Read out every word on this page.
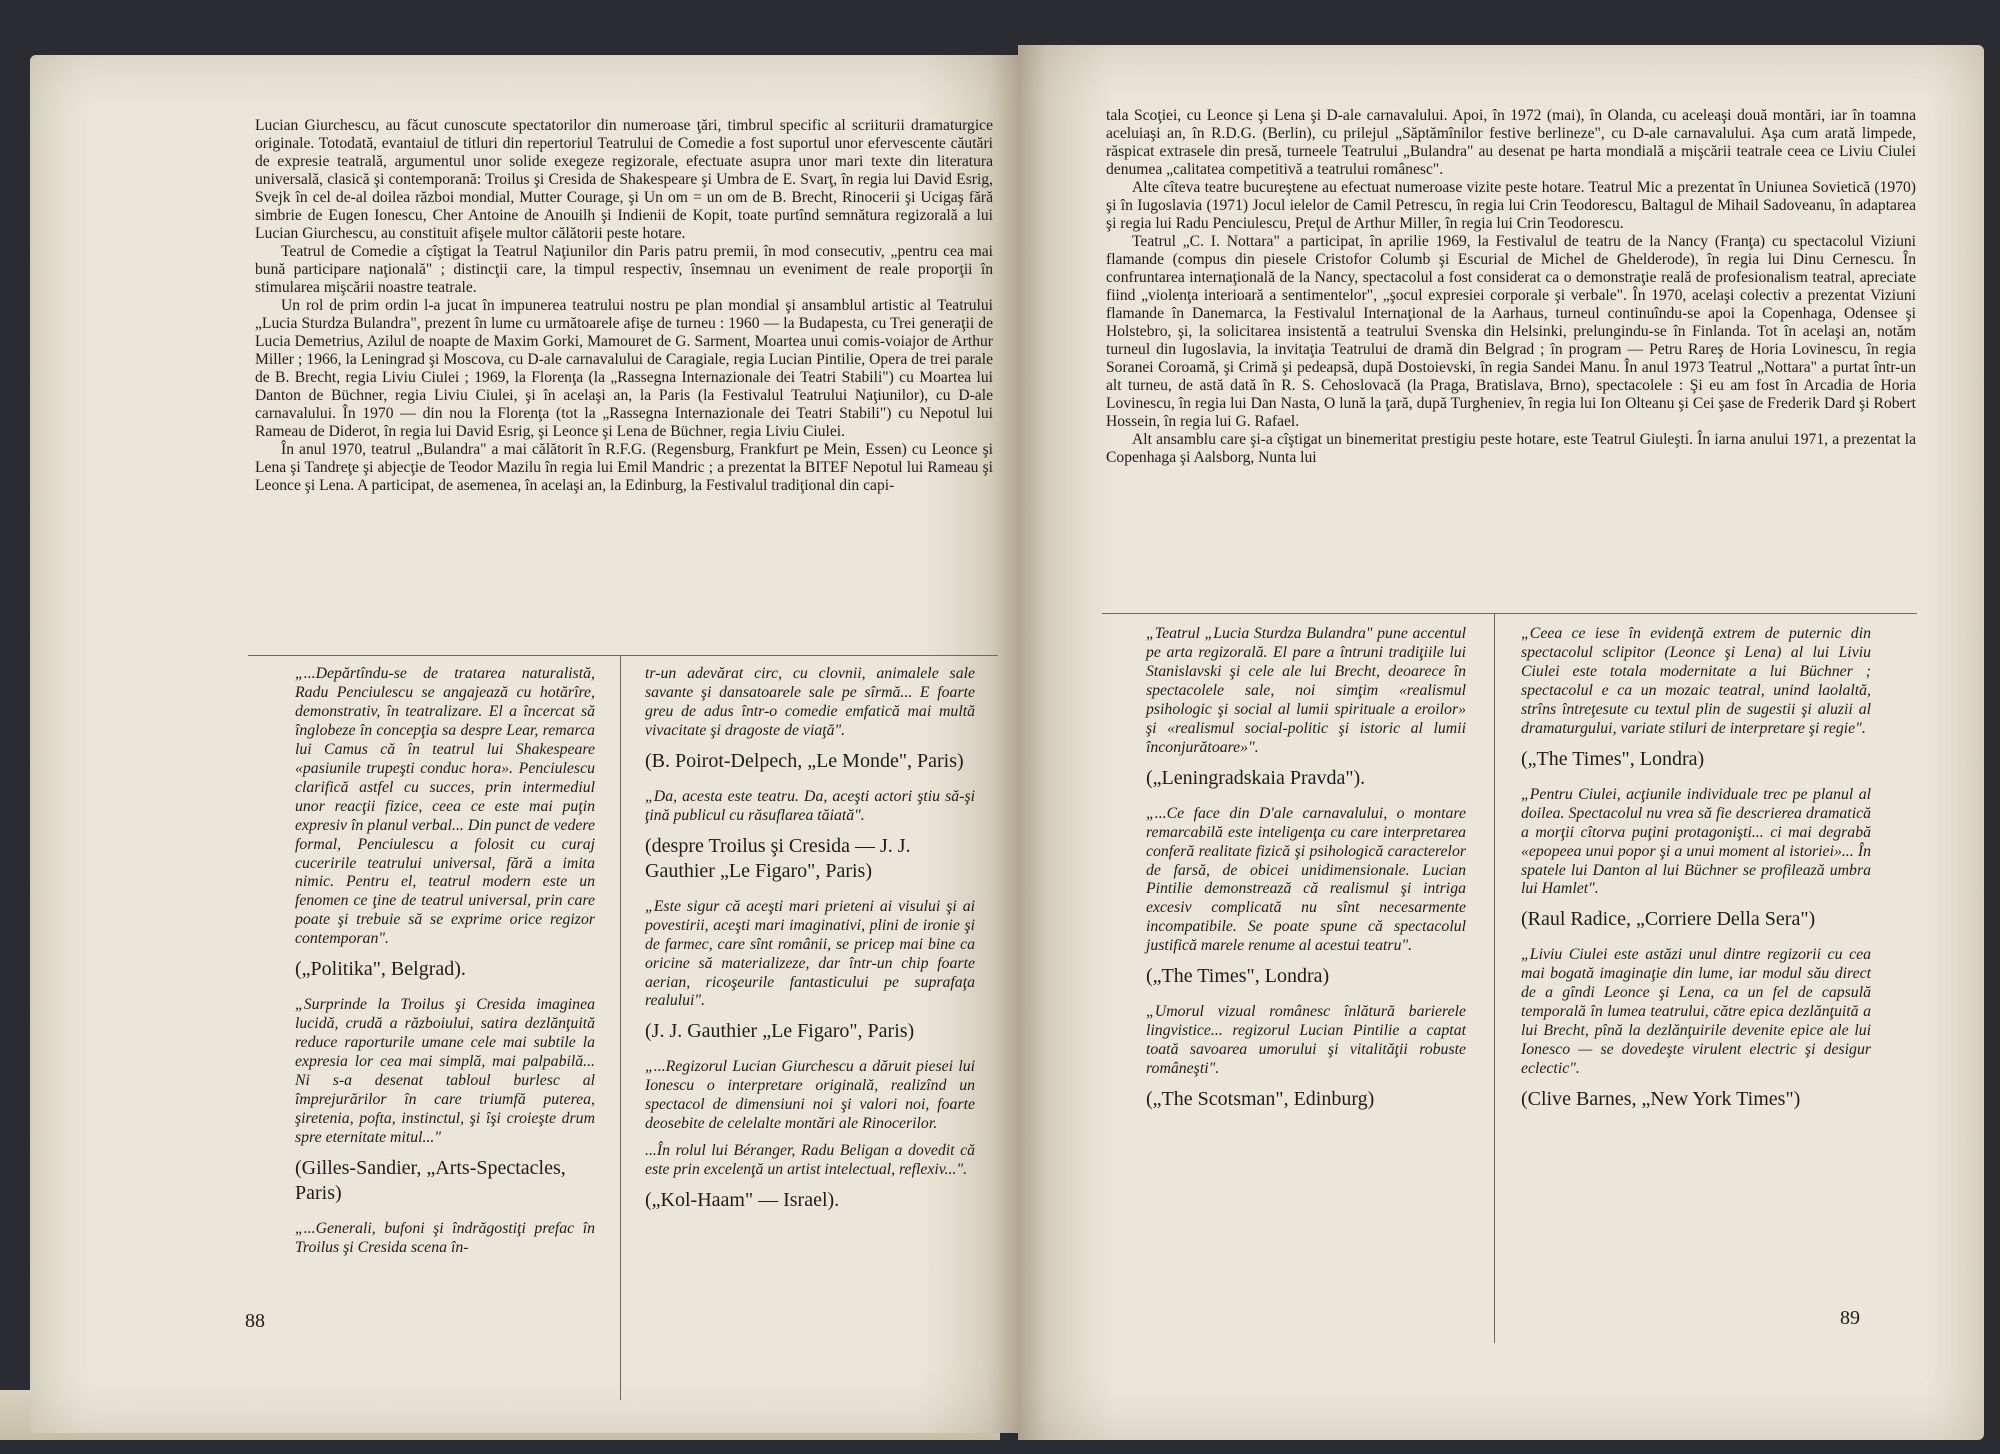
Lucian Giurchescu, au făcut cunoscute spectatorilor din numeroase ţări, timbrul specific al scriiturii dramaturgice originale. Totodată, evantaiul de titluri din repertoriul Teatrului de Comedie a fost suportul unor efervescente căutări de expresie teatrală, argumentul unor solide exegeze regizorale, efectuate asupra unor mari texte din literatura universală, clasică şi contemporană: Troilus şi Cresida de Shakespeare şi Umbra de E. Svarţ, în regia lui David Esrig, Svejk în cel de-al doilea război mondial, Mutter Courage, şi Un om = un om de B. Brecht, Rinocerii şi Ucigaş fără simbrie de Eugen Ionescu, Cher Antoine de Anouilh şi Indienii de Kopit, toate purtînd semnătura regizorală a lui Lucian Giurchescu, au constituit afişele multor călătorii peste hotare.

Teatrul de Comedie a cîştigat la Teatrul Naţiunilor din Paris patru premii, în mod consecutiv, „pentru cea mai bună participare naţională" ; distincţii care, la timpul respectiv, însemnau un eveniment de reale proporţii în stimularea mişcării noastre teatrale.

Un rol de prim ordin l-a jucat în impunerea teatrului nostru pe plan mondial şi ansamblul artistic al Teatrului „Lucia Sturdza Bulandra", prezent în lume cu următoarele afişe de turneu : 1960 — la Budapesta, cu Trei generaţii de Lucia Demetrius, Azilul de noapte de Maxim Gorki, Mamouret de G. Sarment, Moartea unui comis-voiajor de Arthur Miller ; 1966, la Leningrad şi Moscova, cu D-ale carnavalului de Caragiale, regia Lucian Pintilie, Opera de trei parale de B. Brecht, regia Liviu Ciulei ; 1969, la Florenţa (la „Rassegna Internazionale dei Teatri Stabili") cu Moartea lui Danton de Büchner, regia Liviu Ciulei, şi în acelaşi an, la Paris (la Festivalul Teatrului Naţiunilor), cu D-ale carnavalului. În 1970 — din nou la Florenţa (tot la „Rassegna Internazionale dei Teatri Stabili") cu Nepotul lui Rameau de Diderot, în regia lui David Esrig, şi Leonce şi Lena de Büchner, regia Liviu Ciulei.

În anul 1970, teatrul „Bulandra" a mai călătorit în R.F.G. (Regensburg, Frankfurt pe Mein, Essen) cu Leonce şi Lena şi Tandreţe şi abjecţie de Teodor Mazilu în regia lui Emil Mandric ; a prezentat la BITEF Nepotul lui Rameau şi Leonce şi Lena. A participat, de asemenea, în acelaşi an, la Edinburg, la Festivalul tradiţional din capi-

„...Depărtîndu-se de tratarea naturalistă, Radu Penciulescu se angajează cu hotărîre, demonstrativ, în teatralizare. El a încercat să înglobeze în concepţia sa despre Lear, remarca lui Camus că în teatrul lui Shakespeare «pasiunile trupeşti conduc hora». Penciulescu clarifică astfel cu succes, prin intermediul unor reacţii fizice, ceea ce este mai puţin expresiv în planul verbal... Din punct de vedere formal, Penciulescu a folosit cu curaj cuceririle teatrului universal, fără a imita nimic. Pentru el, teatrul modern este un fenomen ce ţine de teatrul universal, prin care poate şi trebuie să se exprime orice regizor contemporan".

(„Politika", Belgrad).

„Surprinde la Troilus şi Cresida imaginea lucidă, crudă a războiului, satira dezlănţuită reduce raporturile umane cele mai subtile la expresia lor cea mai simplă, mai palpabilă... Ni s-a desenat tabloul burlesc al împrejurărilor în care triumfă puterea, şiretenia, pofta, instinctul, şi îşi croieşte drum spre eternitate mitul..."

(Gilles-Sandier, „Arts-Spectacles, Paris)

„...Generali, bufoni şi îndrăgostiţi prefac în Troilus şi Cresida scena în-

tr-un adevărat circ, cu clovnii, animalele sale savante şi dansatoarele sale pe sîrmă... E foarte greu de adus într-o comedie emfatică mai multă vivacitate şi dragoste de viaţă".

(B. Poirot-Delpech, „Le Monde", Paris)

„Da, acesta este teatru. Da, aceşti actori ştiu să-şi ţină publicul cu răsuflarea tăiată".

(despre Troilus şi Cresida — J. J. Gauthier „Le Figaro", Paris)

„Este sigur că aceşti mari prieteni ai visului şi ai povestirii, aceşti mari imaginativi, plini de ironie şi de farmec, care sînt românii, se pricep mai bine ca oricine să materializeze, dar într-un chip foarte aerian, ricoşeurile fantasticului pe suprafaţa realului".

(J. J. Gauthier „Le Figaro", Paris)

„...Regizorul Lucian Giurchescu a dăruit piesei lui Ionescu o interpretare originală, realizînd un spectacol de dimensiuni noi şi valori noi, foarte deosebite de celelalte montări ale Rinocerilor.

...În rolul lui Béranger, Radu Beligan a dovedit că este prin excelenţă un artist intelectual, reflexiv...".

(„Kol-Haam" — Israel).

88

tala Scoţiei, cu Leonce şi Lena şi D-ale carnavalului. Apoi, în 1972 (mai), în Olanda, cu aceleaşi două montări, iar în toamna aceluiaşi an, în R.D.G. (Berlin), cu prilejul „Săptămînilor festive berlineze", cu D-ale carnavalului. Aşa cum arată limpede, răspicat extrasele din presă, turneele Teatrului „Bulandra" au desenat pe harta mondială a mişcării teatrale ceea ce Liviu Ciulei denumea „calitatea competitivă a teatrului românesc".

Alte cîteva teatre bucureştene au efectuat numeroase vizite peste hotare. Teatrul Mic a prezentat în Uniunea Sovietică (1970) şi în Iugoslavia (1971) Jocul ielelor de Camil Petrescu, în regia lui Crin Teodorescu, Baltagul de Mihail Sadoveanu, în adaptarea şi regia lui Radu Penciulescu, Preţul de Arthur Miller, în regia lui Crin Teodorescu.

Teatrul „C. I. Nottara" a participat, în aprilie 1969, la Festivalul de teatru de la Nancy (Franţa) cu spectacolul Viziuni flamande (compus din piesele Cristofor Columb şi Escurial de Michel de Ghelderode), în regia lui Dinu Cernescu. În confruntarea internaţională de la Nancy, spectacolul a fost considerat ca o demonstraţie reală de profesionalism teatral, apreciate fiind „violenţa interioară a sentimentelor", „şocul expresiei corporale şi verbale". În 1970, acelaşi colectiv a prezentat Viziuni flamande în Danemarca, la Festivalul Internaţional de la Aarhaus, turneul continuîndu-se apoi la Copenhaga, Odensee şi Holstebro, şi, la solicitarea insistentă a teatrului Svenska din Helsinki, prelungindu-se în Finlanda. Tot în acelaşi an, notăm turneul din Iugoslavia, la invitaţia Teatrului de dramă din Belgrad ; în program — Petru Rareş de Horia Lovinescu, în regia Soranei Coroamă, şi Crimă şi pedeapsă, după Dostoievski, în regia Sandei Manu. În anul 1973 Teatrul „Nottara" a purtat într-un alt turneu, de astă dată în R. S. Cehoslovacă (la Praga, Bratislava, Brno), spectacolele : Şi eu am fost în Arcadia de Horia Lovinescu, în regia lui Dan Nasta, O lună la ţară, după Turgheniev, în regia lui Ion Olteanu şi Cei şase de Frederik Dard şi Robert Hossein, în regia lui G. Rafael.

Alt ansamblu care şi-a cîştigat un binemeritat prestigiu peste hotare, este Teatrul Giuleşti. În iarna anului 1971, a prezentat la Copenhaga şi Aalsborg, Nunta lui

„Teatrul „Lucia Sturdza Bulandra" pune accentul pe arta regizorală. El pare a întruni tradiţiile lui Stanislavski şi cele ale lui Brecht, deoarece în spectacolele sale, noi simţim «realismul psihologic şi social al lumii spirituale a eroilor» şi «realismul social-politic şi istoric al lumii înconjurătoare»".

(„Leningradskaia Pravda").

„...Ce face din D'ale carnavalului, o montare remarcabilă este inteligenţa cu care interpretarea conferă realitate fizică şi psihologică caracterelor de farsă, de obicei unidimensionale. Lucian Pintilie demonstrează că realismul şi intriga excesiv complicată nu sînt necesarmente incompatibile. Se poate spune că spectacolul justifică marele renume al acestui teatru".

(„The Times", Londra)

„Umorul vizual românesc înlătură barierele lingvistice... regizorul Lucian Pintilie a captat toată savoarea umorului şi vitalităţii robuste româneşti".

(„The Scotsman", Edinburg)

„Ceea ce iese în evidenţă extrem de puternic din spectacolul sclipitor (Leonce şi Lena) al lui Liviu Ciulei este totala modernitate a lui Büchner ; spectacolul e ca un mozaic teatral, unind laolaltă, strîns întreţesute cu textul plin de sugestii şi aluzii al dramaturgului, variate stiluri de interpretare şi regie".

(„The Times", Londra)

„Pentru Ciulei, acţiunile individuale trec pe planul al doilea. Spectacolul nu vrea să fie descrierea dramatică a morţii cîtorva puţini protagonişti... ci mai degrabă «epopeea unui popor şi a unui moment al istoriei»... În spatele lui Danton al lui Büchner se profilează umbra lui Hamlet".

(Raul Radice, „Corriere Della Sera")

„Liviu Ciulei este astăzi unul dintre regizorii cu cea mai bogată imaginaţie din lume, iar modul său direct de a gîndi Leonce şi Lena, ca un fel de capsulă temporală în lumea teatrului, către epica dezlănţuită a lui Brecht, pînă la dezlănţuirile devenite epice ale lui Ionesco — se dovedeşte virulent electric şi desigur eclectic".

(Clive Barnes, „New York Times")

89
